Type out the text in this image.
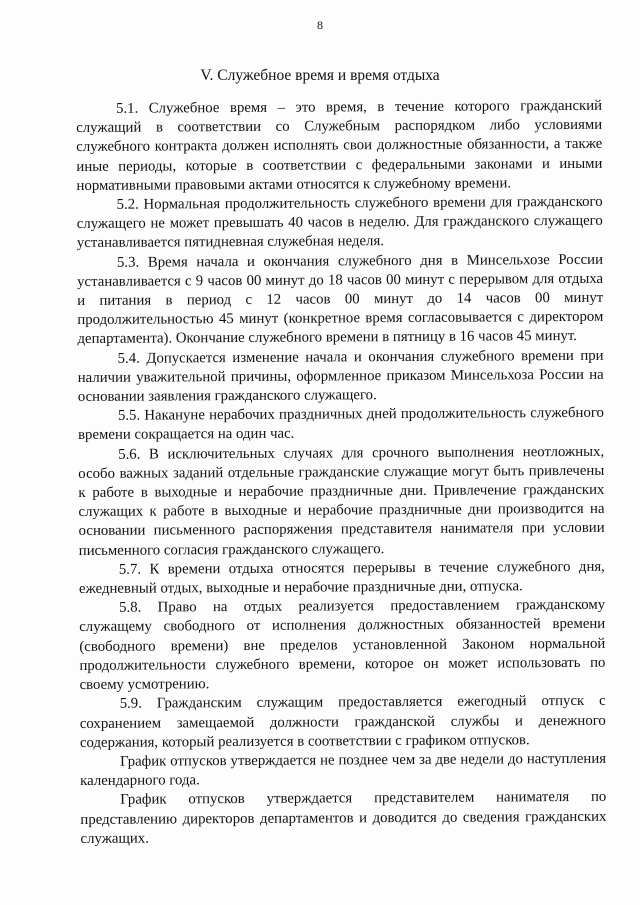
8
V. Служебное время и время отдыха

5.1. Служебное время – это время, в течение которого гражданский служащий в соответствии со Служебным распорядком либо условиями служебного контракта должен исполнять свои должностные обязанности, а также иные периоды, которые в соответствии с федеральными законами и иными нормативными правовыми актами относятся к служебному времени.

5.2. Нормальная продолжительность служебного времени для гражданского служащего не может превышать 40 часов в неделю. Для гражданского служащего устанавливается пятидневная служебная неделя.

5.3. Время начала и окончания служебного дня в Минсельхозе России устанавливается с 9 часов 00 минут до 18 часов 00 минут с перерывом для отдыха и питания в период с 12 часов 00 минут до 14 часов 00 минут продолжительностью 45 минут (конкретное время согласовывается с директором департамента). Окончание служебного времени в пятницу в 16 часов 45 минут.

5.4. Допускается изменение начала и окончания служебного времени при наличии уважительной причины, оформленное приказом Минсельхоза России на основании заявления гражданского служащего.

5.5. Накануне нерабочих праздничных дней продолжительность служебного времени сокращается на один час.

5.6. В исключительных случаях для срочного выполнения неотложных, особо важных заданий отдельные гражданские служащие могут быть привлечены к работе в выходные и нерабочие праздничные дни. Привлечение гражданских служащих к работе в выходные и нерабочие праздничные дни производится на основании письменного распоряжения представителя нанимателя при условии письменного согласия гражданского служащего.

5.7. К времени отдыха относятся перерывы в течение служебного дня, ежедневный отдых, выходные и нерабочие праздничные дни, отпуска.

5.8. Право на отдых реализуется предоставлением гражданскому служащему свободного от исполнения должностных обязанностей времени (свободного времени) вне пределов установленной Законом нормальной продолжительности служебного времени, которое он может использовать по своему усмотрению.

5.9. Гражданским служащим предоставляется ежегодный отпуск с сохранением замещаемой должности гражданской службы и денежного содержания, который реализуется в соответствии с графиком отпусков.

График отпусков утверждается не позднее чем за две недели до наступления календарного года.

График отпусков утверждается представителем нанимателя по представлению директоров департаментов и доводится до сведения гражданских служащих.
